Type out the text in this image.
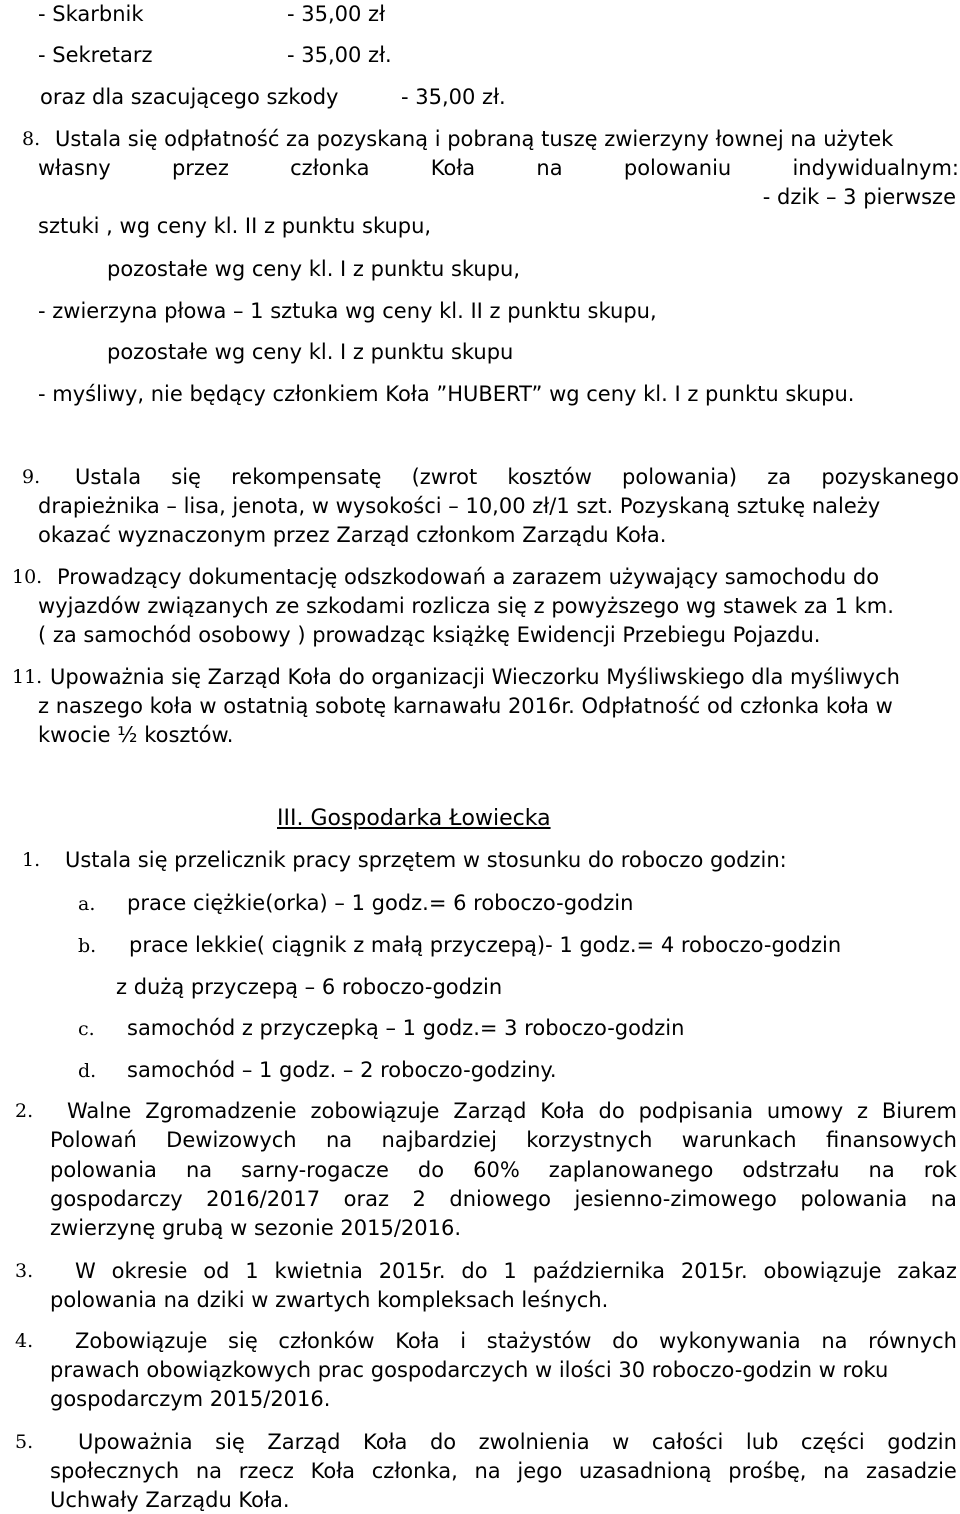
- Skarbnik	- 35,00 zł
- Sekretarz	- 35,00 zł.
oraz dla szacującego szkody	- 35,00 zł.
8. Ustala się odpłatność za pozyskaną i pobraną tuszę zwierzyny łownej na użytek
własny	przez	członka	Koła	na	polowaniu	indywidualnym:
- dzik – 3 pierwsze
sztuki , wg ceny kl. II z punktu skupu,
pozostałe wg ceny kl. I z punktu skupu,
- zwierzyna płowa – 1 sztuka wg ceny kl. II z punktu skupu,
pozostałe wg ceny kl. I z punktu skupu
- myśliwy, nie będący członkiem Koła ”HUBERT” wg ceny kl. I z punktu skupu.
9. Ustala się rekompensatę (zwrot kosztów polowania) za pozyskanego
drapieżnika – lisa, jenota, w wysokości – 10,00 zł/1 szt. Pozyskaną sztukę należy
okazać wyznaczonym przez Zarząd członkom Zarządu Koła.
10. Prowadzący dokumentację odszkodowań a zarazem używający samochodu do
wyjazdów związanych ze szkodami rozlicza się z powyższego wg stawek za 1 km.
( za samochód osobowy ) prowadząc książkę Ewidencji Przebiegu Pojazdu.
11. Upoważnia się Zarząd Koła do organizacji Wieczorku Myśliwskiego dla myśliwych
z naszego koła w ostatnią sobotę karnawału 2016r. Odpłatność od członka koła w
kwocie ½ kosztów.
III. Gospodarka Łowiecka
1. Ustala się przelicznik pracy sprzętem w stosunku do roboczo godzin:
a. prace ciężkie(orka) – 1 godz.= 6 roboczo-godzin
b. prace lekkie( ciągnik z małą przyczepą)- 1 godz.= 4 roboczo-godzin
z dużą przyczepą – 6 roboczo-godzin
c. samochód z przyczepką – 1 godz.= 3 roboczo-godzin
d. samochód – 1 godz. – 2 roboczo-godziny.
2. Walne Zgromadzenie zobowiązuje Zarząd Koła do podpisania umowy z Biurem
Polowań Dewizowych na najbardziej korzystnych warunkach finansowych
polowania na sarny-rogacze do 60% zaplanowanego odstrzału na rok
gospodarczy 2016/2017 oraz 2 dniowego jesienno-zimowego polowania na
zwierzynę grubą w sezonie 2015/2016.
3. W okresie od 1 kwietnia 2015r. do 1 października 2015r. obowiązuje zakaz
polowania na dziki w zwartych kompleksach leśnych.
4. Zobowiązuje się członków Koła i stażystów do wykonywania na równych
prawach obowiązkowych prac gospodarczych w ilości 30 roboczo-godzin w roku
gospodarczym 2015/2016.
5. Upoważnia się Zarząd Koła do zwolnienia w całości lub części godzin
społecznych na rzecz Koła członka, na jego uzasadnioną prośbę, na zasadzie
Uchwały Zarządu Koła.
